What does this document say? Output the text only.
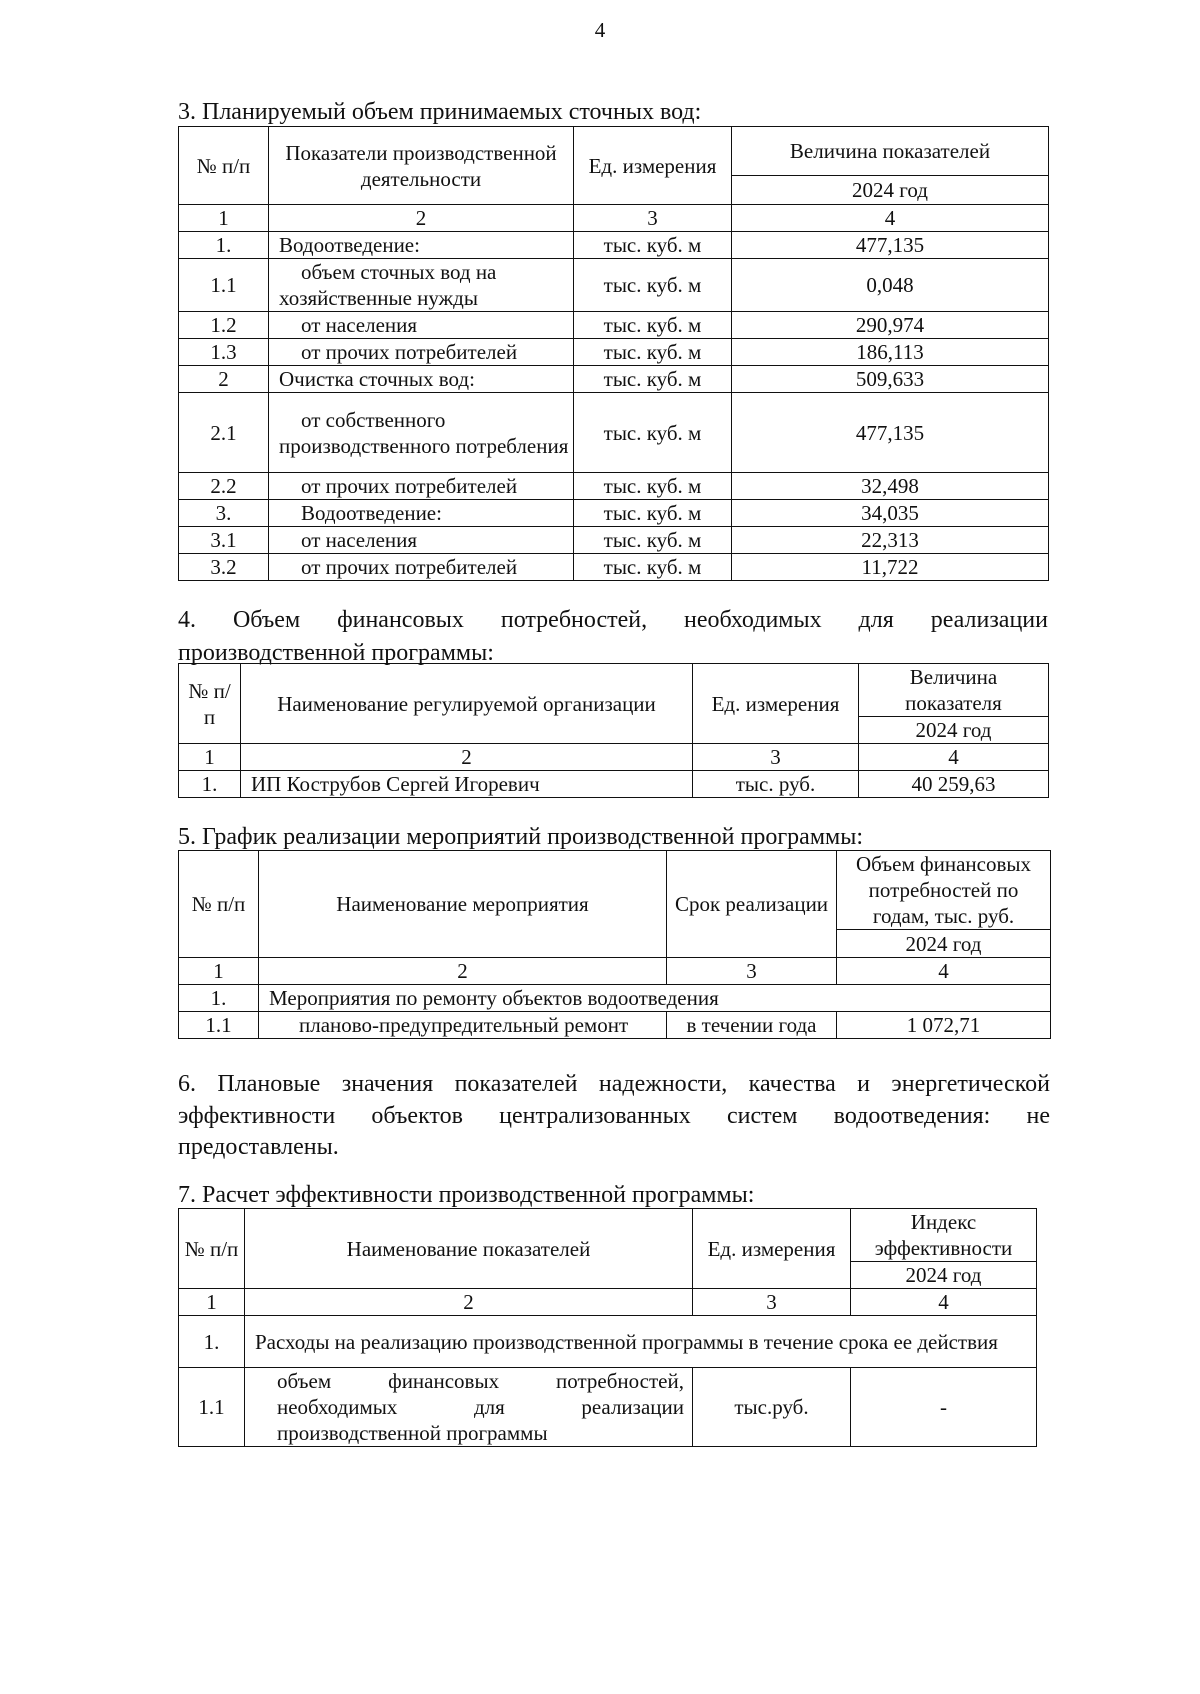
4
3. Планируемый объем принимаемых сточных вод:
№ п/п	Показатели производственной деятельности	Ед. измерения	Величина показателей
			2024 год
1	2	3	4
1.	Водоотведение:	тыс. куб. м	477,135
1.1	объем сточных вод на хозяйственные нужды	тыс. куб. м	0,048
1.2	от населения	тыс. куб. м	290,974
1.3	от прочих потребителей	тыс. куб. м	186,113
2	Очистка сточных вод:	тыс. куб. м	509,633
2.1	от собственного производственного потребления	тыс. куб. м	477,135
2.2	от прочих потребителей	тыс. куб. м	32,498
3.	Водоотведение:	тыс. куб. м	34,035
3.1	от населения	тыс. куб. м	22,313
3.2	от прочих потребителей	тыс. куб. м	11,722
4. Объем финансовых потребностей, необходимых для реализации
производственной программы:
№ п/п	Наименование регулируемой организации	Ед. измерения	Величина показателя
			2024 год
1	2	3	4
1.	ИП Кострубов Сергей Игоревич	тыс. руб.	40 259,63
5. График реализации мероприятий производственной программы:
№ п/п	Наименование мероприятия	Срок реализации	Объем финансовых потребностей по годам, тыс. руб.
			2024 год
1	2	3	4
1.	Мероприятия по ремонту объектов водоотведения		
1.1	планово-предупредительный ремонт	в течении года	1 072,71
6. Плановые значения показателей надежности, качества и энергетической
эффективности объектов централизованных систем водоотведения: не
предоставлены.
7. Расчет эффективности производственной программы:
№ п/п	Наименование показателей	Ед. измерения	Индекс эффективности
			2024 год
1	2	3	4
1.	Расходы на реализацию производственной программы в течение срока ее действия		
1.1	объем финансовых потребностей,
необходимых для реализации
производственной программы	тыс.руб.	-
